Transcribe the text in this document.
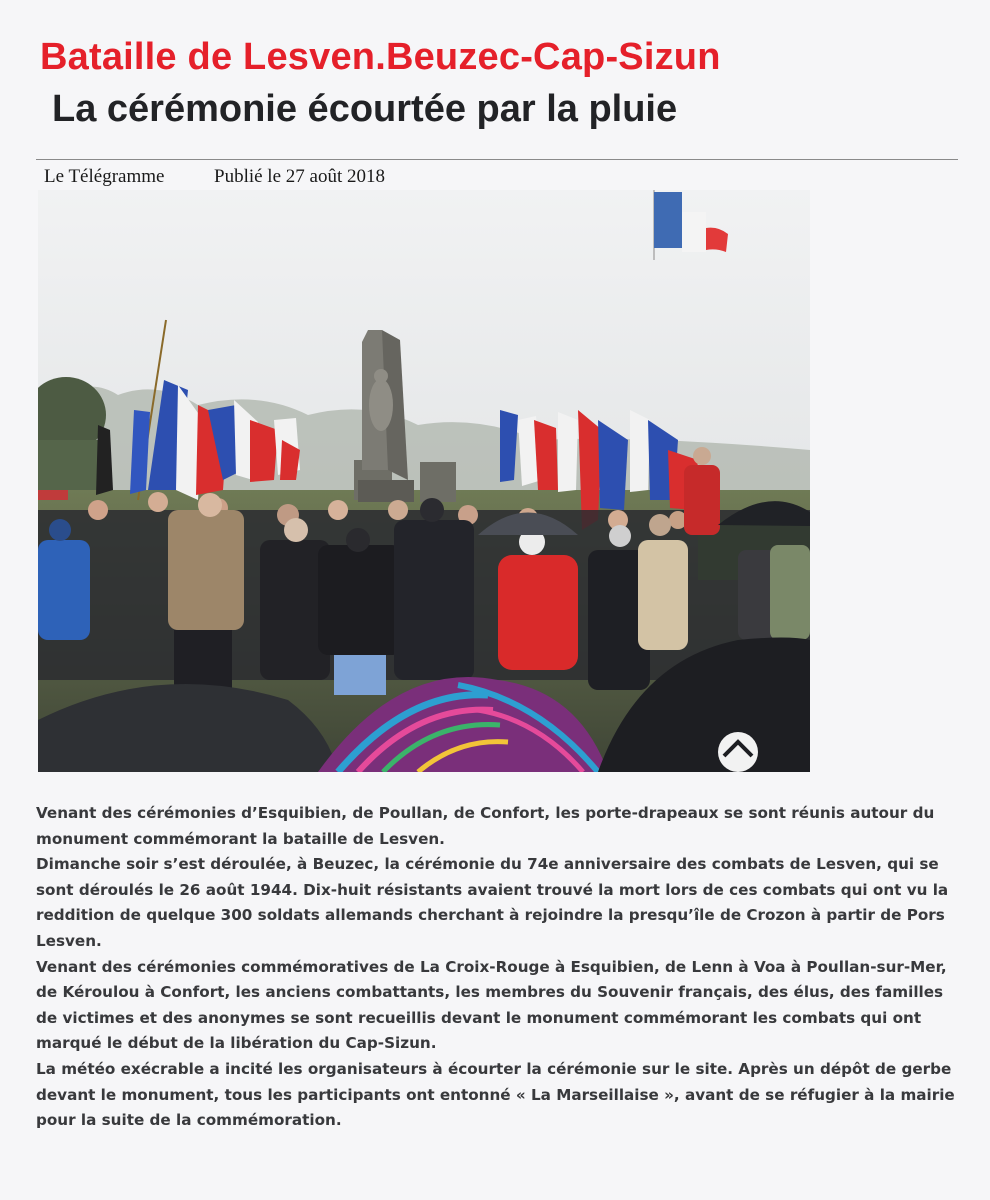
Bataille de Lesven.Beuzec-Cap-Sizun
La cérémonie écourtée par la pluie
Le Télégramme	Publié le 27 août 2018

Venant des cérémonies d’Esquibien, de Poullan, de Confort, les porte-drapeaux se sont réunis autour du monument commémorant la bataille de Lesven.

Dimanche soir s’est déroulée, à Beuzec, la cérémonie du 74e anniversaire des combats de Lesven, qui se sont déroulés le 26 août 1944. Dix-huit résistants avaient trouvé la mort lors de ces combats qui ont vu la reddition de quelque 300 soldats allemands cherchant à rejoindre la presqu’île de Crozon à partir de Pors Lesven.

Venant des cérémonies commémoratives de La Croix-Rouge à Esquibien, de Lenn à Voa à Poullan-sur-Mer, de Kéroulou à Confort, les anciens combattants, les membres du Souvenir français, des élus, des familles de victimes et des anonymes se sont recueillis devant le monument commémorant les combats qui ont marqué le début de la libération du Cap-Sizun.

La météo exécrable a incité les organisateurs à écourter la cérémonie sur le site. Après un dépôt de gerbe devant le monument, tous les participants ont entonné « La Marseillaise », avant de se réfugier à la mairie pour la suite de la commémoration.
